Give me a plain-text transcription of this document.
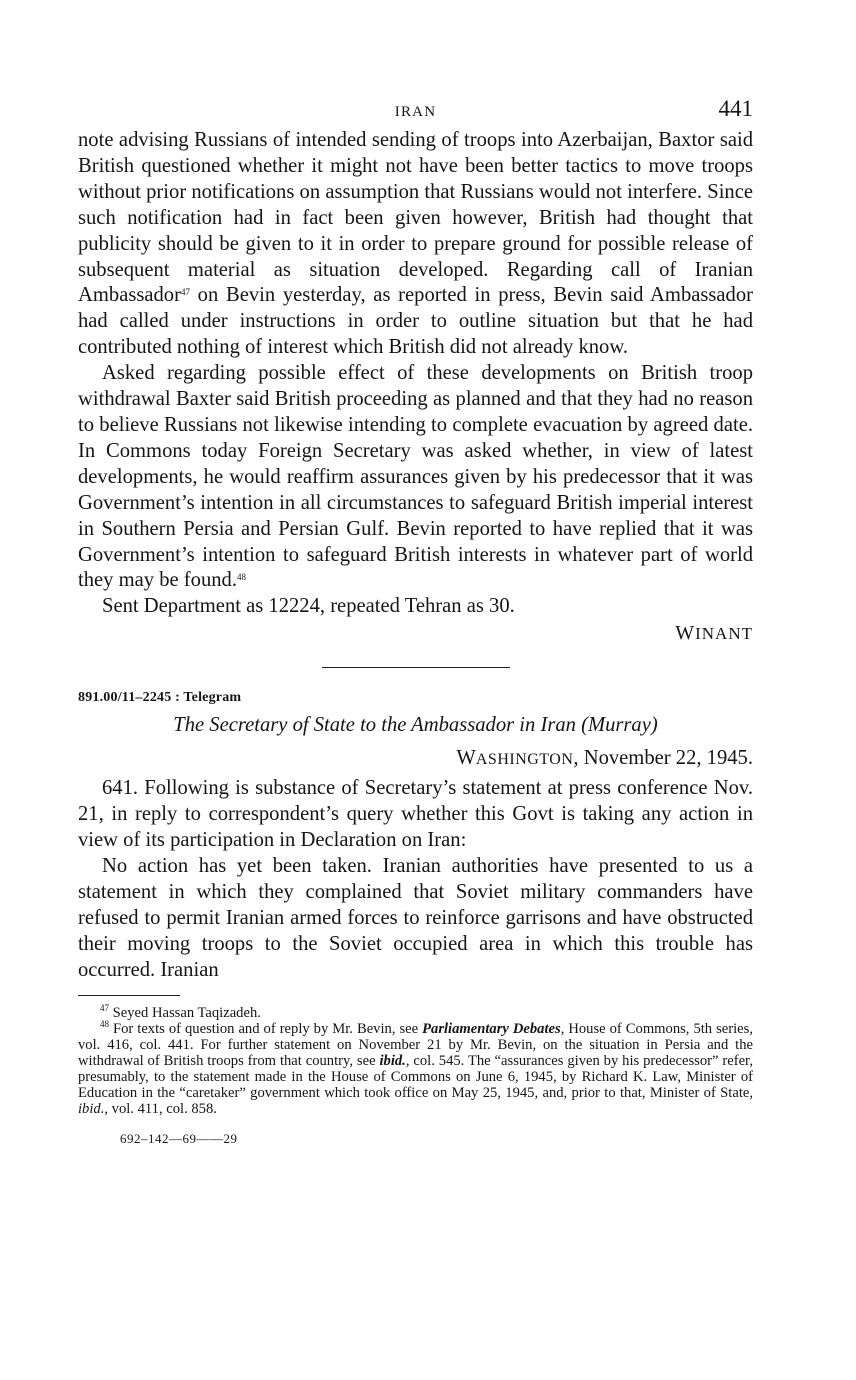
IRAN	441

note advising Russians of intended sending of troops into Azerbaijan, Baxtor said British questioned whether it might not have been better tactics to move troops without prior notifications on assumption that Russians would not interfere. Since such notification had in fact been given however, British had thought that publicity should be given to it in order to prepare ground for possible release of subsequent material as situation developed. Regarding call of Iranian Ambassador$^{47}$ on Bevin yesterday, as reported in press, Bevin said Ambassador had called under instructions in order to outline situation but that he had contributed nothing of interest which British did not already know.

Asked regarding possible effect of these developments on British troop withdrawal Baxter said British proceeding as planned and that they had no reason to believe Russians not likewise intending to complete evacuation by agreed date. In Commons today Foreign Secretary was asked whether, in view of latest developments, he would reaffirm assurances given by his predecessor that it was Government’s intention in all circumstances to safeguard British imperial interest in Southern Persia and Persian Gulf. Bevin reported to have replied that it was Government’s intention to safeguard British interests in whatever part of world they may be found.$^{48}$

Sent Department as 12224, repeated Tehran as 30.

WINANT
891.00/11–2245 : Telegram
The Secretary of State to the Ambassador in Iran (Murray)
WASHINGTON, November 22, 1945.

641. Following is substance of Secretary’s statement at press conference Nov. 21, in reply to correspondent’s query whether this Govt is taking any action in view of its participation in Declaration on Iran:

No action has yet been taken. Iranian authorities have presented to us a statement in which they complained that Soviet military commanders have refused to permit Iranian armed forces to reinforce garrisons and have obstructed their moving troops to the Soviet occupied area in which this trouble has occurred. Iranian

$^{47}$ Seyed Hassan Taqizadeh.

$^{48}$ For texts of question and of reply by Mr. Bevin, see Parliamentary Debates, House of Commons, 5th series, vol. 416, col. 441. For further statement on November 21 by Mr. Bevin, on the situation in Persia and the withdrawal of British troops from that country, see ibid., col. 545. The “assurances given by his predecessor” refer, presumably, to the statement made in the House of Commons on June 6, 1945, by Richard K. Law, Minister of Education in the “caretaker” government which took office on May 25, 1945, and, prior to that, Minister of State, ibid., vol. 411, col. 858.

692–142—69——29
